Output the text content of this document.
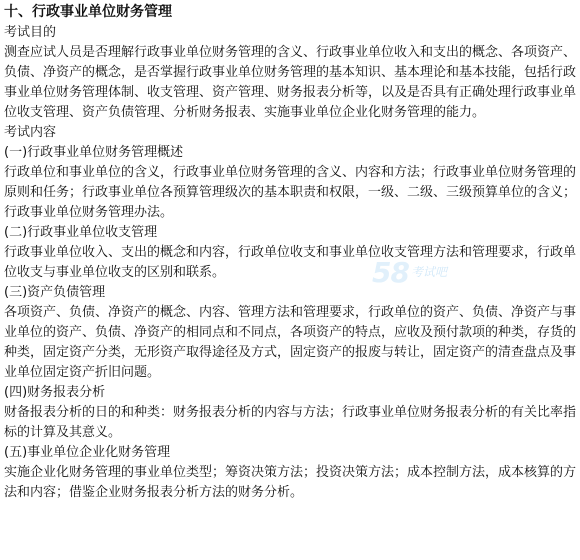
十、行政事业单位财务管理
考试目的

测查应试人员是否理解行政事业单位财务管理的含义、行政事业单位收入和支出的概念、各项资产、负债、净资产的概念，是否掌握行政事业单位财务管理的基本知识、基本理论和基本技能，包括行政事业单位财务管理体制、收支管理、资产管理、财务报表分析等，以及是否具有正确处理行政事业单位收支管理、资产负债管理、分析财务报表、实施事业单位企业化财务管理的能力。

考试内容
(一)行政事业单位财务管理概述

行政单位和事业单位的含义，行政事业单位财务管理的含义、内容和方法；行政事业单位财务管理的原则和任务；行政事业单位各预算管理级次的基本职责和权限，一级、二级、三级预算单位的含义；行政事业单位财务管理办法。

(二)行政事业单位收支管理

行政事业单位收入、支出的概念和内容，行政单位收支和事业单位收支管理方法和管理要求，行政单位收支与事业单位收支的区别和联系。

(三)资产负债管理

各项资产、负债、净资产的概念、内容、管理方法和管理要求，行政单位的资产、负债、净资产与事业单位的资产、负债、净资产的相同点和不同点，各项资产的特点，应收及预付款项的种类，存货的种类，固定资产分类，无形资产取得途径及方式，固定资产的报废与转让，固定资产的清查盘点及事业单位固定资产折旧问题。

(四)财务报表分析

财备报表分析的日的和种类：财务报表分析的内容与方法；行政事业单位财务报表分析的有关比率指标的计算及其意义。

(五)事业单位企业化财务管理

实施企业化财务管理的事业单位类型；筹资决策方法；投资决策方法；成本控制方法，成本核算的方法和内容；借鉴企业财务报表分析方法的财务分析。

58 $^{考试吧}$
